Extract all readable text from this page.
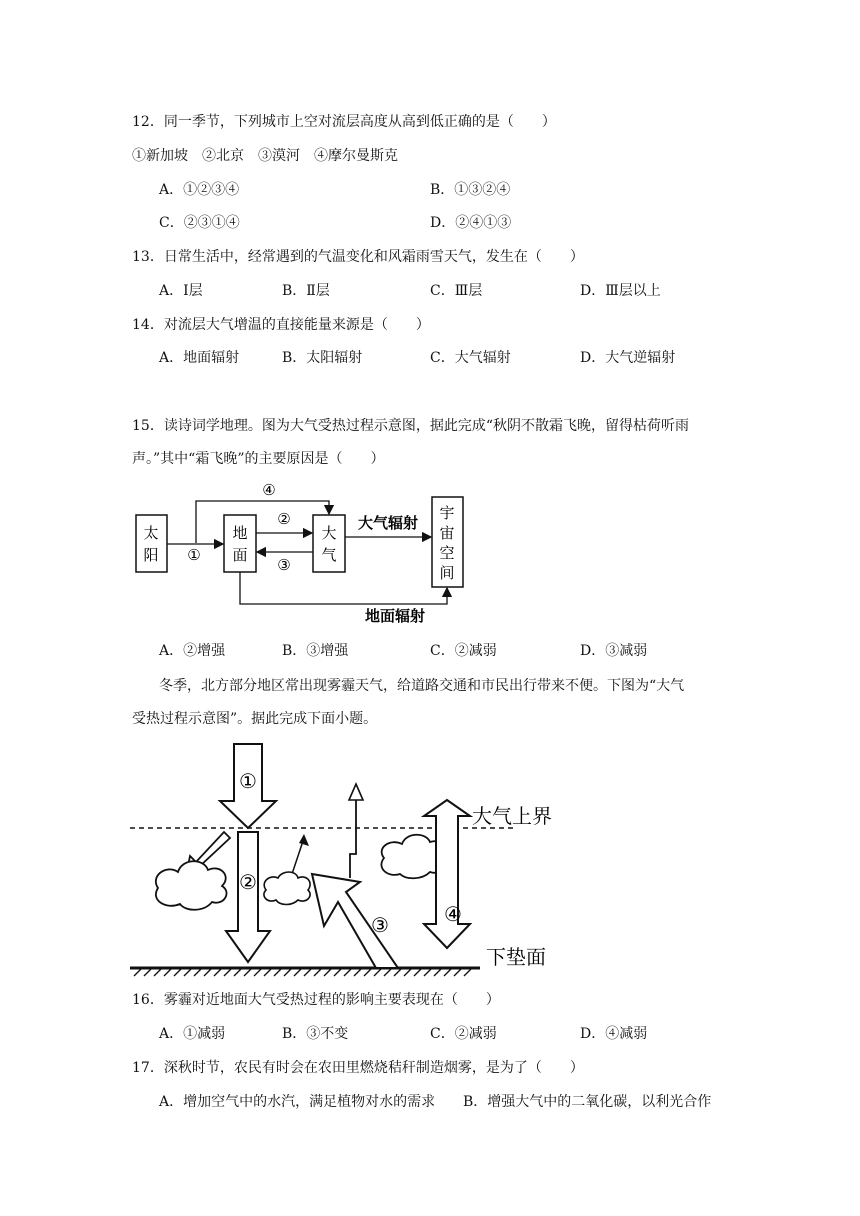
12．同一季节，下列城市上空对流层高度从高到低正确的是（　　）
①新加坡　②北京　③漠河　④摩尔曼斯克
A．①②③④	B．①③②④
C．②③①④	D．②④①③
13．日常生活中，经常遇到的气温变化和风霜雨雪天气，发生在（　　）
A．Ⅰ层	B．Ⅱ层	C．Ⅲ层	D．Ⅲ层以上
14．对流层大气增温的直接能量来源是（　　）
A．地面辐射	B．太阳辐射	C．大气辐射	D．大气逆辐射
15．读诗词学地理。图为大气受热过程示意图，据此完成“秋阴不散霜飞晚，留得枯荷听雨
声。”其中“霜飞晚”的主要原因是（　　）
太
阳
地
面
大
气
宇
宙
空
间
①
④
②
③
大气辐射
地面辐射
A．②增强	B．③增强	C．②减弱	D．③减弱
冬季，北方部分地区常出现雾霾天气，给道路交通和市民出行带来不便。下图为“大气
受热过程示意图”。据此完成下面小题。
大气上界
下垫面
①
②
③	④
16．雾霾对近地面大气受热过程的影响主要表现在（　　）
A．①减弱	B．③不变	C．②减弱	D．④减弱
17．深秋时节，农民有时会在农田里燃烧秸秆制造烟雾，是为了（　　）
A．增加空气中的水汽，满足植物对水的需求 B．增强大气中的二氧化碳，以利光合作
